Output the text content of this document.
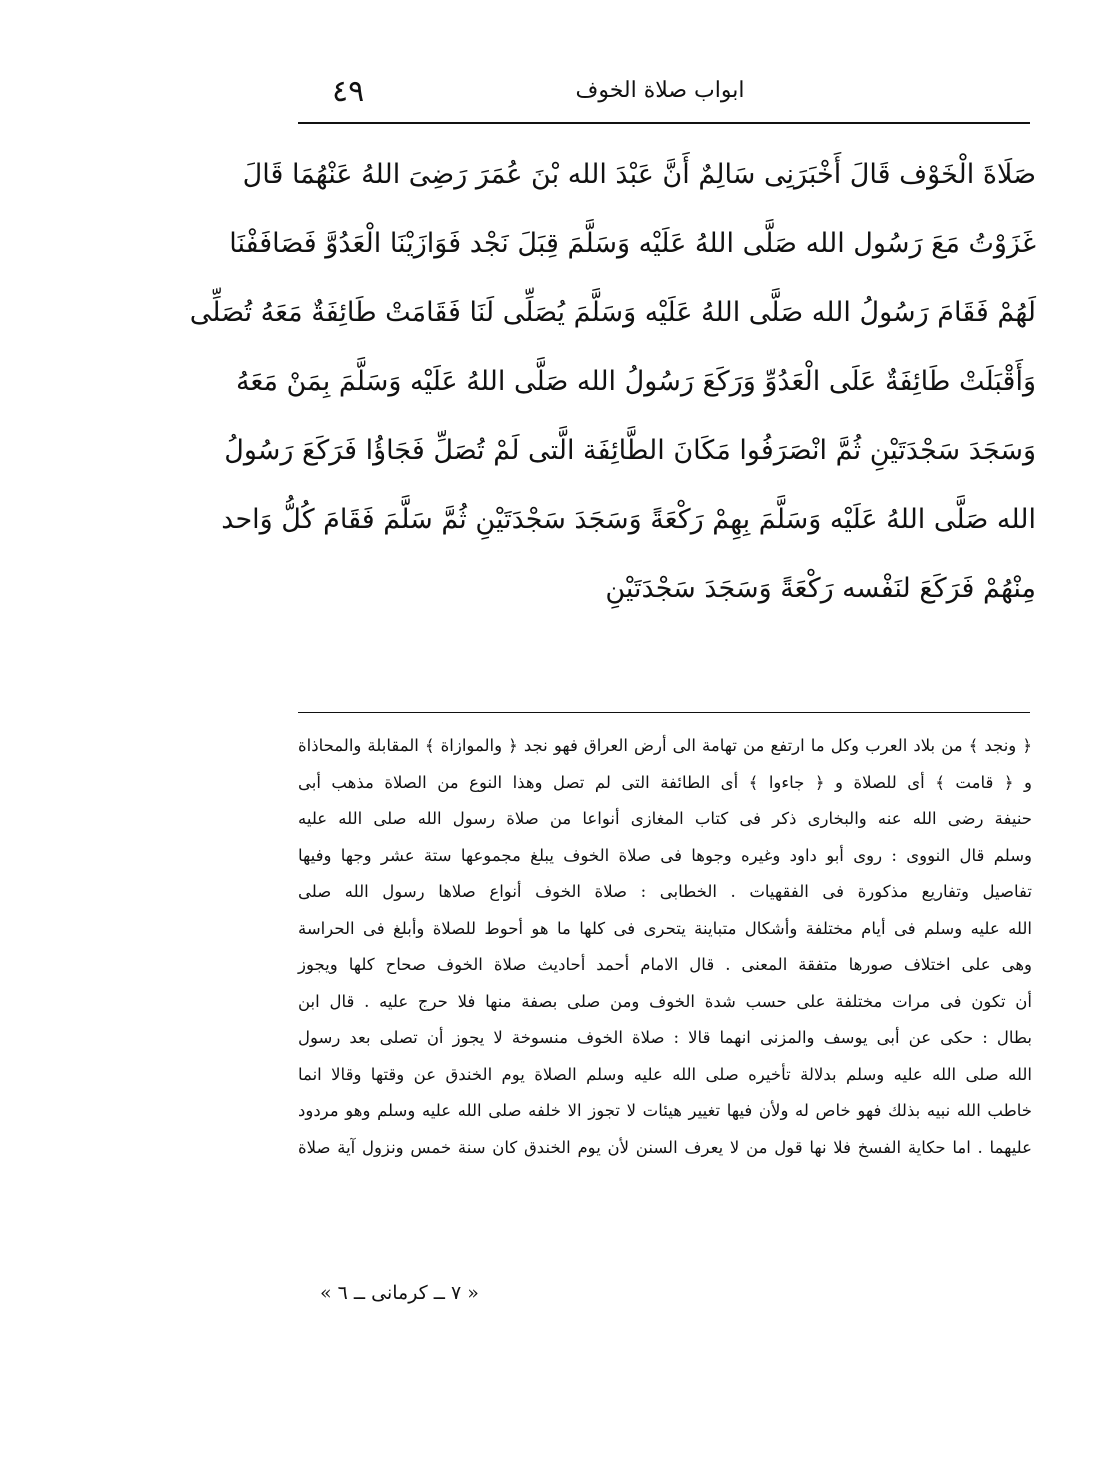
٤٩	ابواب صلاة الخوف
صَلَاةَ الْخَوْف قَالَ أَخْبَرَنِى سَالِمٌ أَنَّ عَبْدَ الله بْنَ عُمَرَ رَضِىَ اللهُ عَنْهُمَا قَالَ
غَزَوْتُ مَعَ رَسُول الله صَلَّى اللهُ عَلَيْه وَسَلَّمَ قِبَلَ نَجْد فَوَازَيْنَا الْعَدُوَّ فَصَافَفْنَا
لَهُمْ فَقَامَ رَسُولُ الله صَلَّى اللهُ عَلَيْه وَسَلَّمَ يُصَلِّى لَنَا فَقَامَتْ طَائِفَةٌ مَعَهُ تُصَلِّى
وَأَقْبَلَتْ طَائِفَةٌ عَلَى الْعَدُوِّ وَرَكَعَ رَسُولُ الله صَلَّى اللهُ عَلَيْه وَسَلَّمَ بِمَنْ مَعَهُ
وَسَجَدَ سَجْدَتَيْنِ ثُمَّ انْصَرَفُوا مَكَانَ الطَّائِفَة الَّتى لَمْ تُصَلِّ فَجَاؤُا فَرَكَعَ رَسُولُ
الله صَلَّى اللهُ عَلَيْه وَسَلَّمَ بِهِمْ رَكْعَةً وَسَجَدَ سَجْدَتَيْنِ ثُمَّ سَلَّمَ فَقَامَ كُلُّ وَاحد
مِنْهُمْ فَرَكَعَ لنَفْسه رَكْعَةً وَسَجَدَ سَجْدَتَيْنِ
﴿ ونجد ﴾ من بلاد العرب وكل ما ارتفع من تهامة الى أرض العراق فهو نجد ﴿ والموازاة ﴾ المقابلة والمحاذاة
و ﴿ قامت ﴾ أى للصلاة و ﴿ جاءوا ﴾ أى الطائفة التى لم تصل وهذا النوع من الصلاة مذهب أبى
حنيفة رضى الله عنه والبخارى ذكر فى كتاب المغازى أنواعا من صلاة رسول الله صلى الله عليه
وسلم قال النووى : روى أبو داود وغيره وجوها فى صلاة الخوف يبلغ مجموعها ستة عشر وجها وفيها
تفاصيل وتفاريع مذكورة فى الفقهيات . الخطابى : صلاة الخوف أنواع صلاها رسول الله صلى
الله عليه وسلم فى أيام مختلفة وأشكال متباينة يتحرى فى كلها ما هو أحوط للصلاة وأبلغ فى الحراسة
وهى على اختلاف صورها متفقة المعنى . قال الامام أحمد أحاديث صلاة الخوف صحاح كلها ويجوز
أن تكون فى مرات مختلفة على حسب شدة الخوف ومن صلى بصفة منها فلا حرج عليه . قال ابن
بطال : حكى عن أبى يوسف والمزنى انهما قالا : صلاة الخوف منسوخة لا يجوز أن تصلى بعد رسول
الله صلى الله عليه وسلم بدلالة تأخيره صلى الله عليه وسلم الصلاة يوم الخندق عن وقتها وقالا انما
خاطب الله نبيه بذلك فهو خاص له ولأن فيها تغيير هيئات لا تجوز الا خلفه صلى الله عليه وسلم وهو مردود
عليهما . اما حكاية الفسخ فلا نها قول من لا يعرف السنن لأن يوم الخندق كان سنة خمس ونزول آية صلاة
« ٧ ــ كرمانى ــ ٦ »
